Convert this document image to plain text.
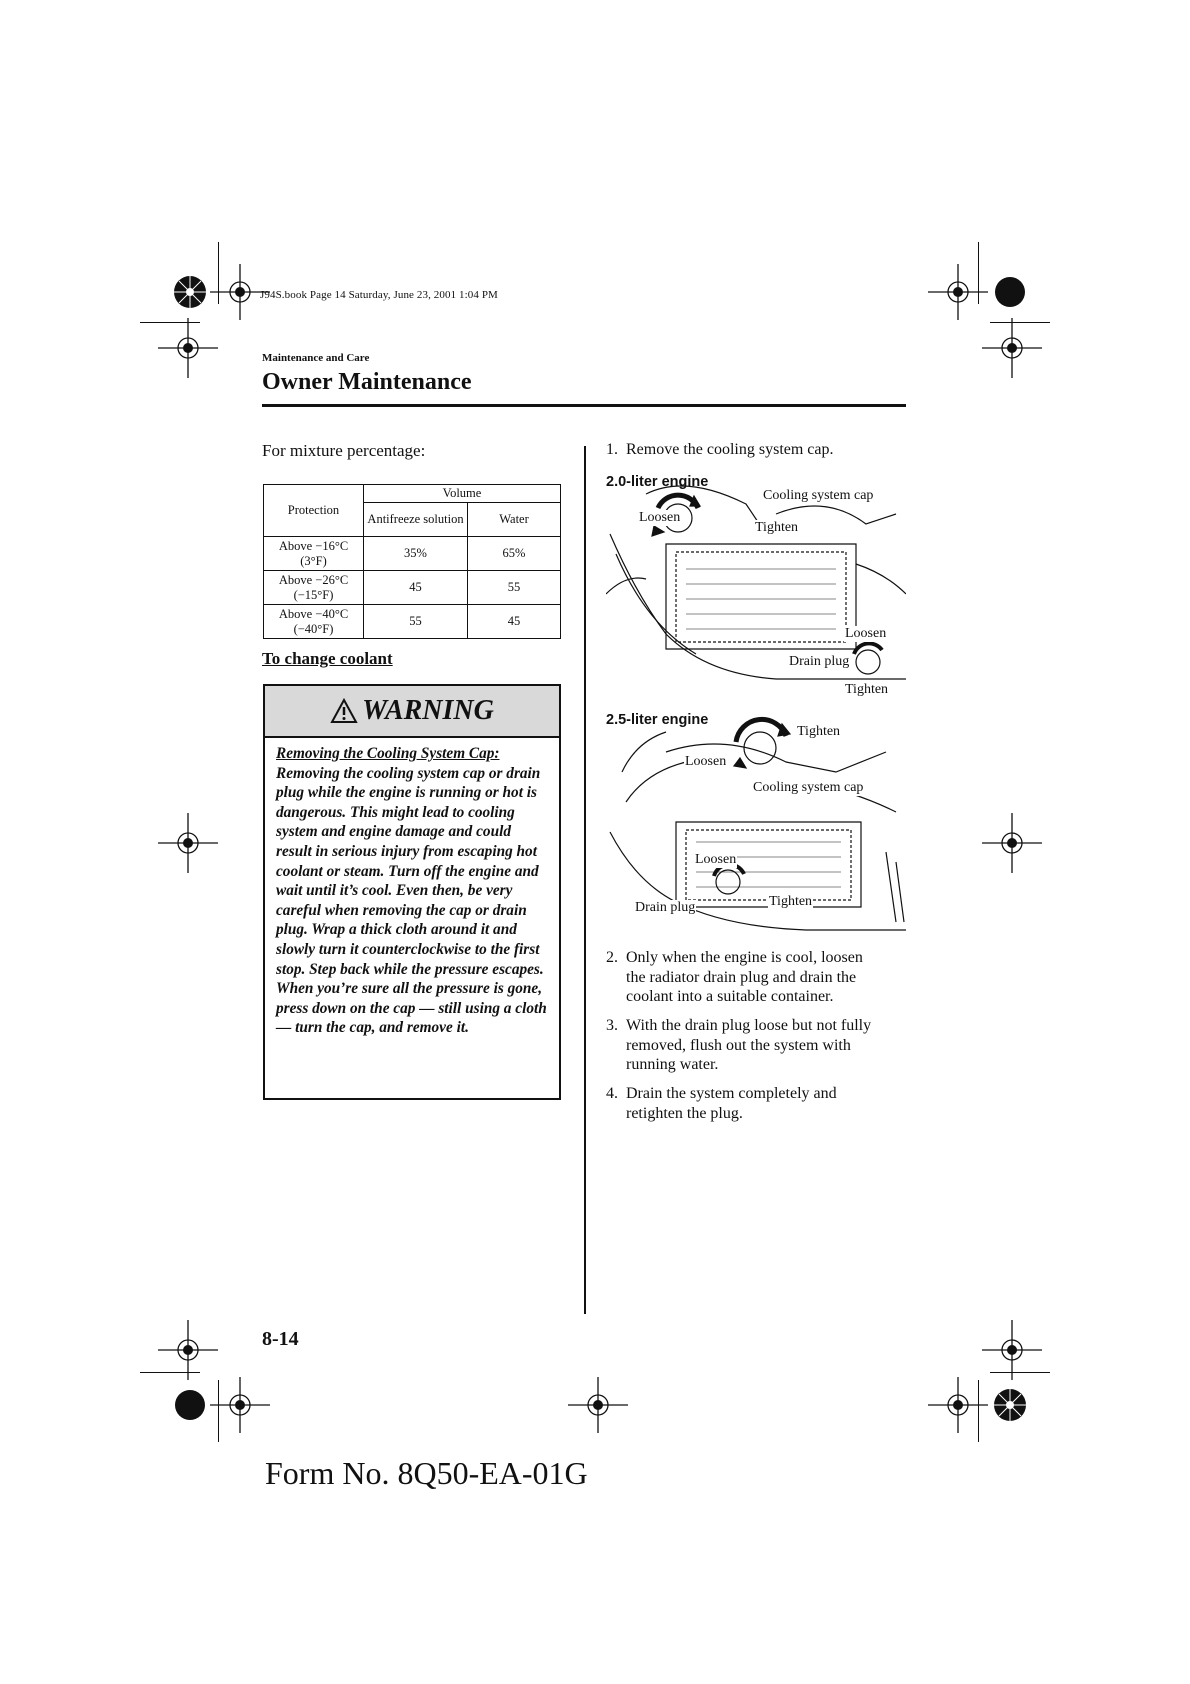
J94S.book Page 14 Saturday, June 23, 2001 1:04 PM
Maintenance and Care
Owner Maintenance
For mixture percentage:
Protection	Volume	
	Antifreeze solution	Water
Above −16°C
(3°F)	35%	65%
Above −26°C
(−15°F)	45	55
Above −40°C
(−40°F)	55	45
To change coolant
WARNING
Removing the Cooling System Cap:
Removing the cooling system cap or drain plug while the engine is running or hot is dangerous. This might lead to cooling system and engine damage and could result in serious injury from escaping hot coolant or steam. Turn off the engine and wait until it’s cool. Even then, be very careful when removing the cap or drain plug. Wrap a thick cloth around it and slowly turn it counterclockwise to the first stop. Step back while the pressure escapes. When you’re sure all the pressure is gone, press down on the cap — still using a cloth — turn the cap, and remove it.
1. Remove the cooling system cap.
2.0-liter engine
Cooling system cap
Loosen
Tighten
Loosen
Drain plug
Tighten
2.5-liter engine
Tighten
Loosen
Cooling system cap
Loosen
Tighten
Drain plug
2. Only when the engine is cool, loosen
the radiator drain plug and drain the
coolant into a suitable container.
3. With the drain plug loose but not fully
removed, flush out the system with
running water.
4. Drain the system completely and
retighten the plug.
8-14
Form No. 8Q50-EA-01G
